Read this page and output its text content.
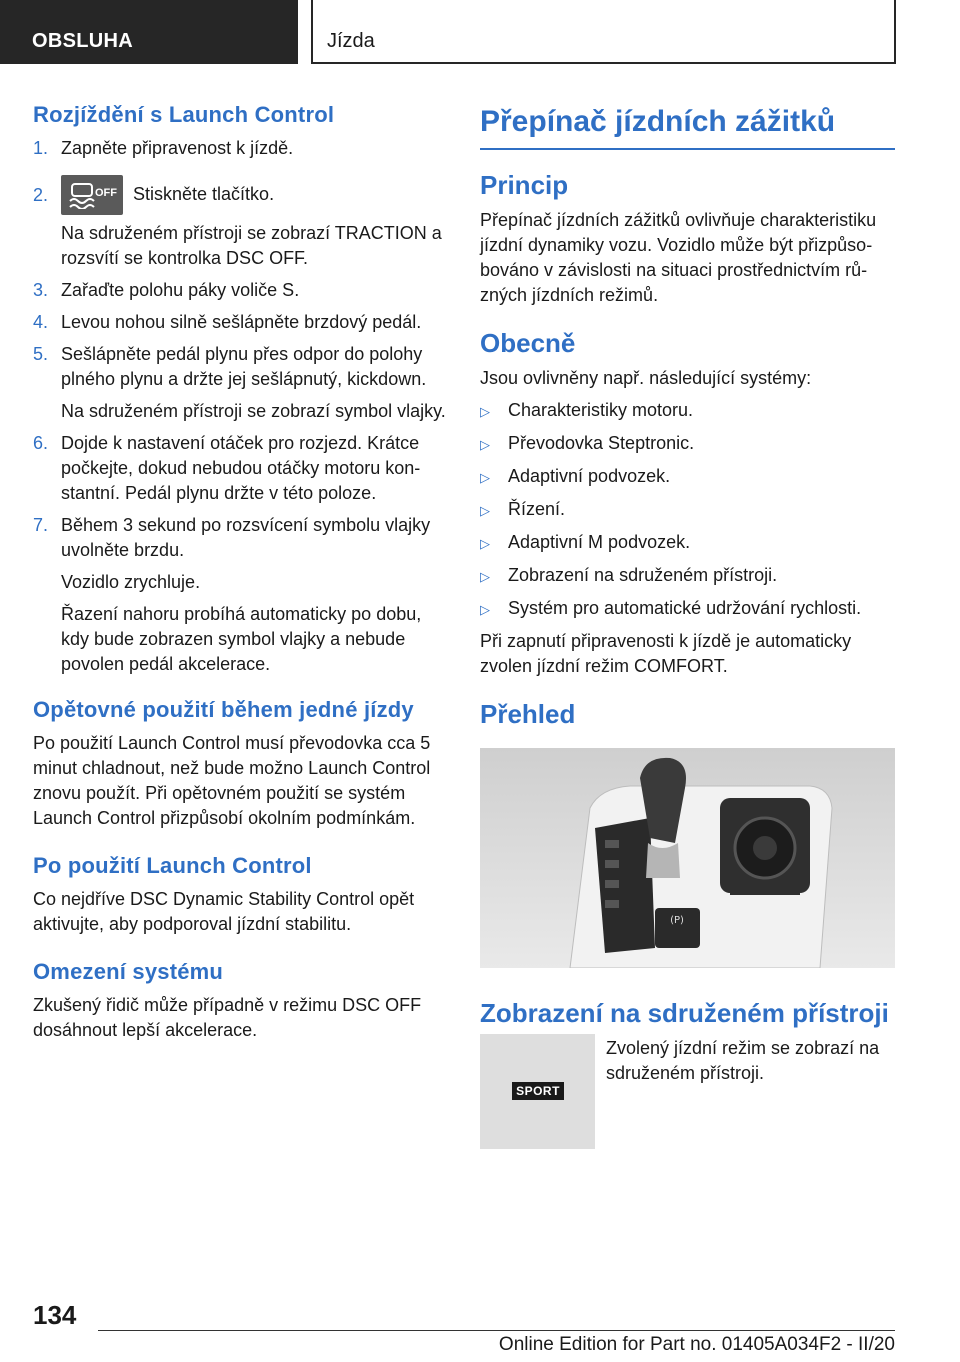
OBSLUHA	Jízda
Rozjíždění s Launch Control
1. Zapněte připravenost k jízdě.
2.	OFF Stiskněte tlačítko.
Na sdruženém přístroji se zobrazí TRACTION a rozsvítí se kontrolka DSC OFF.
3. Zařaďte polohu páky voliče S.
4. Levou nohou silně sešlápněte brzdový pedál.
5. Sešlápněte pedál plynu přes odpor do polohy plného plynu a držte jej sešlápnutý, kickdown.
Na sdruženém přístroji se zobrazí symbol vlajky.
6. Dojde k nastavení otáček pro rozjezd. Krátce počkejte, dokud nebudou otáčky motoru konstantní. Pedál plynu držte v této poloze.
7. Během 3 sekund po rozsvícení symbolu vlajky uvolněte brzdu.
Vozidlo zrychluje.
Řazení nahoru probíhá automaticky po dobu, kdy bude zobrazen symbol vlajky a nebude povolen pedál akcelerace.
Opětovné použití během jedné jízdy

Po použití Launch Control musí převodovka cca 5 minut chladnout, než bude možno Launch Control znovu použít. Při opětovném použití se systém Launch Control přizpůsobí okolním podmínkám.

Po použití Launch Control

Co nejdříve DSC Dynamic Stability Control opět aktivujte, aby podporoval jízdní stabilitu.

Omezení systému

Zkušený řidič může případně v režimu DSC OFF dosáhnout lepší akcelerace.

Přepínač jízdních zážitků
Princip

Přepínač jízdních zážitků ovlivňuje charakteristiku jízdní dynamiky vozu. Vozidlo může být přizpůsobováno v závislosti na situaci prostřednictvím různých jízdních režimů.

Obecně

Jsou ovlivněny např. následující systémy:

▷	Charakteristiky motoru.
▷	Převodovka Steptronic.
▷	Adaptivní podvozek.
▷	Řízení.
▷	Adaptivní M podvozek.
▷	Zobrazení na sdruženém přístroji.
▷	Systém pro automatické udržování rychlosti.

Při zapnutí připravenosti k jízdě je automaticky zvolen jízdní režim COMFORT.

Přehled
(P)
Zobrazení na sdruženém přístroji
SPORT

Zvolený jízdní režim se zobrazí na sdruženém přístroji.

134
Online Edition for Part no. 01405A034F2 - II/20
